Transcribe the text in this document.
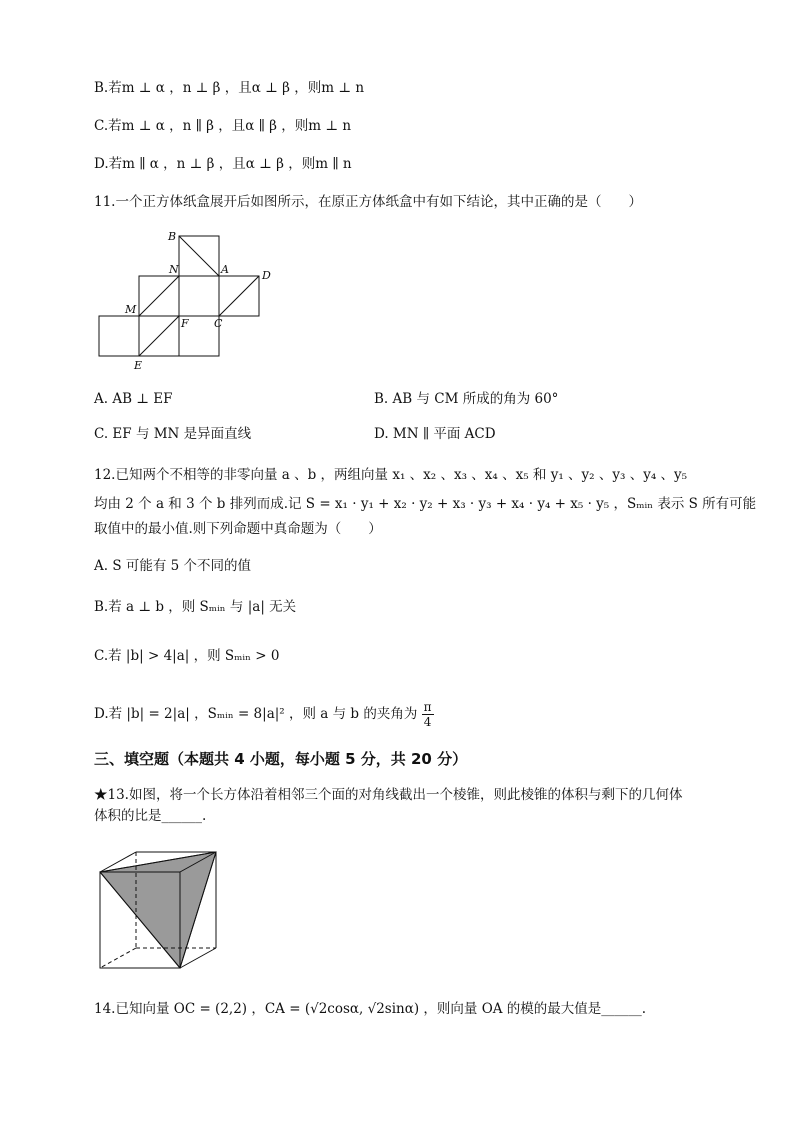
B.若m ⊥ α ，n ⊥ β ，且α ⊥ β ，则m ⊥ n
C.若m ⊥ α ，n ∥ β ，且α ∥ β ，则m ⊥ n
D.若m ∥ α ，n ⊥ β ，且α ⊥ β ，则m ∥ n
11.一个正方体纸盒展开后如图所示，在原正方体纸盒中有如下结论，其中正确的是（　　）
B
N	A	D
M
F C
E
A. AB ⊥ EF	B. AB 与 CM 所成的角为 60°
C. EF 与 MN 是异面直线	D. MN ∥ 平面 ACD
12.已知两个不相等的非零向量 a 、b ，两组向量 x₁ 、x₂ 、x₃ 、x₄ 、x₅ 和 y₁ 、y₂ 、y₃ 、y₄ 、y₅
均由 2 个 a 和 3 个 b 排列而成.记 S = x₁ · y₁ + x₂ · y₂ + x₃ · y₃ + x₄ · y₄ + x₅ · y₅ ，Sₘᵢₙ 表示 S 所有可能
取值中的最小值.则下列命题中真命题为（　　）
A. S 可能有 5 个不同的值
B.若 a ⊥ b ，则 Sₘᵢₙ 与 |a| 无关
C.若 |b| > 4|a| ，则 Sₘᵢₙ > 0
D.若 |b| = 2|a| ，Sₘᵢₙ = 8|a|² ，则 a 与 b 的夹角为 $\frac{\pi}{4}$
三、填空题（本题共 4 小题，每小题 5 分，共 20 分）
★13.如图，将一个长方体沿着相邻三个面的对角线截出一个棱锥，则此棱锥的体积与剩下的几何体
体积的比是______.
14.已知向量 OC = (2,2) ，CA = (√2cosα, √2sinα) ，则向量 OA 的模的最大值是______.
